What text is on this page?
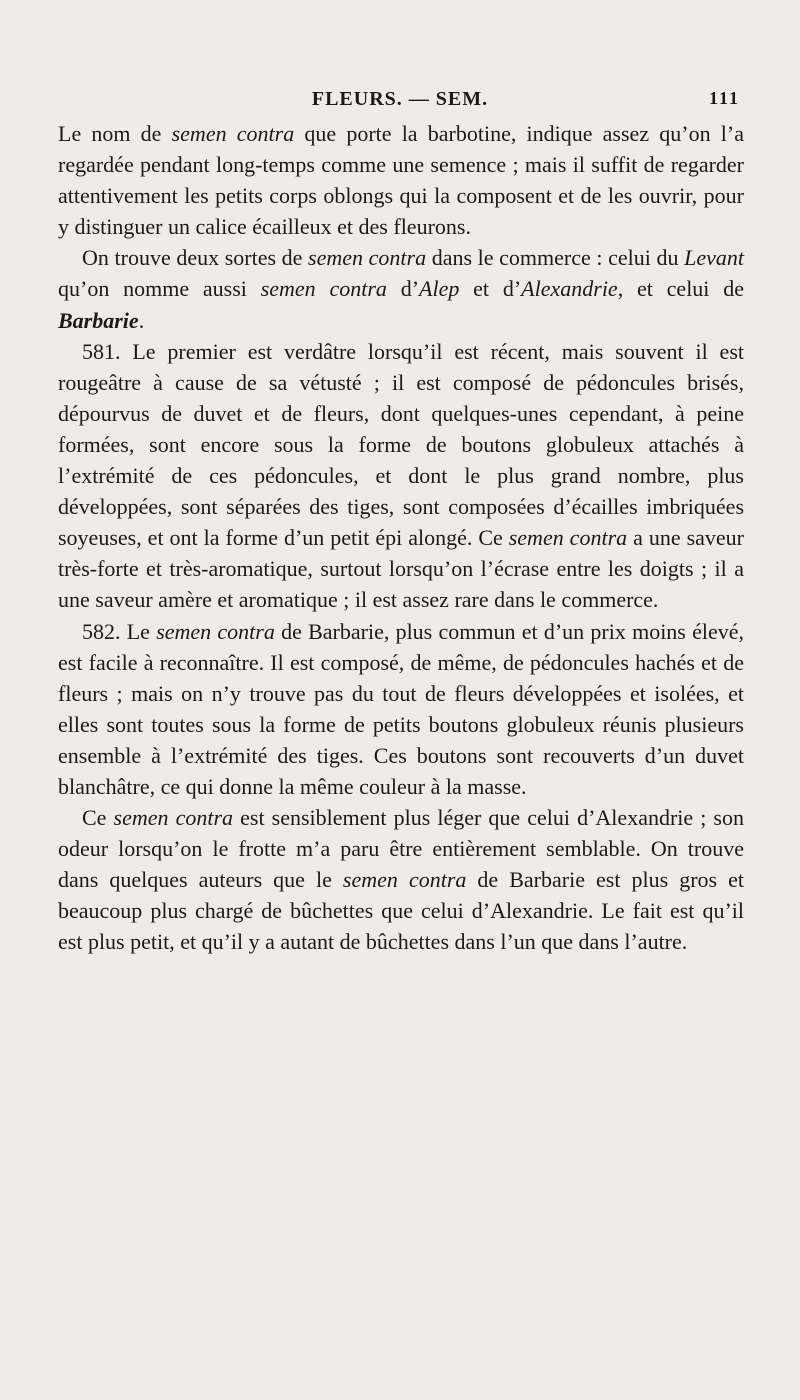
FLEURS. — SEM.	111

Le nom de semen contra que porte la barbotine, indique assez qu’on l’a regardée pendant long-temps comme une semence ; mais il suffit de regarder attentivement les petits corps oblongs qui la composent et de les ouvrir, pour y distinguer un calice écailleux et des fleurons.

On trouve deux sortes de semen contra dans le commerce : celui du Levant qu’on nomme aussi semen contra d’Alep et d’Alexandrie, et celui de Barbarie.

581. Le premier est verdâtre lorsqu’il est récent, mais souvent il est rougeâtre à cause de sa vétusté ; il est composé de pédoncules brisés, dépourvus de duvet et de fleurs, dont quelques-unes cependant, à peine formées, sont encore sous la forme de boutons globuleux attachés à l’extrémité de ces pédoncules, et dont le plus grand nombre, plus développées, sont séparées des tiges, sont composées d’écailles imbriquées soyeuses, et ont la forme d’un petit épi alongé. Ce semen contra a une saveur très-forte et très-aromatique, surtout lorsqu’on l’écrase entre les doigts ; il a une saveur amère et aromatique ; il est assez rare dans le commerce.

582. Le semen contra de Barbarie, plus commun et d’un prix moins élevé, est facile à reconnaître. Il est composé, de même, de pédoncules hachés et de fleurs ; mais on n’y trouve pas du tout de fleurs développées et isolées, et elles sont toutes sous la forme de petits boutons globuleux réunis plusieurs ensemble à l’extrémité des tiges. Ces boutons sont recouverts d’un duvet blanchâtre, ce qui donne la même couleur à la masse.

Ce semen contra est sensiblement plus léger que celui d’Alexandrie ; son odeur lorsqu’on le frotte m’a paru être entièrement semblable. On trouve dans quelques auteurs que le semen contra de Barbarie est plus gros et beaucoup plus chargé de bûchettes que celui d’Alexandrie. Le fait est qu’il est plus petit, et qu’il y a autant de bûchettes dans l’un que dans l’autre.
